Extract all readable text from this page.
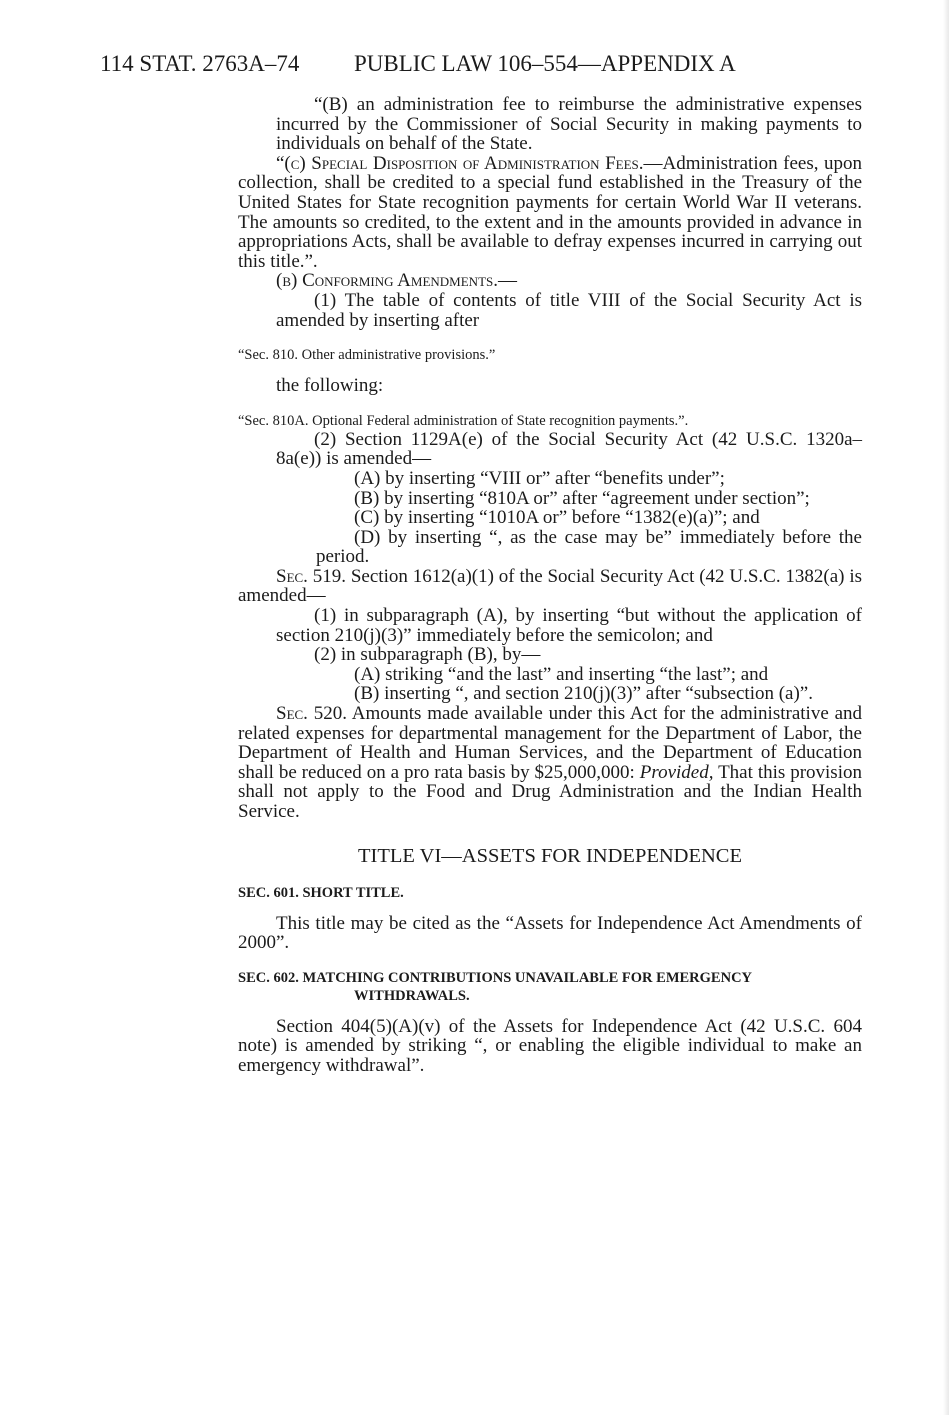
114 STAT. 2763A–74 PUBLIC LAW 106–554—APPENDIX A

“(B) an administration fee to reimburse the administrative expenses incurred by the Commissioner of Social Security in making payments to individuals on behalf of the State.

“(c) Special Disposition of Administration Fees.—Administration fees, upon collection, shall be credited to a special fund established in the Treasury of the United States for State recognition payments for certain World War II veterans. The amounts so credited, to the extent and in the amounts provided in advance in appropriations Acts, shall be available to defray expenses incurred in carrying out this title.”.

(b) Conforming Amendments.—

(1) The table of contents of title VIII of the Social Security Act is amended by inserting after

“Sec. 810. Other administrative provisions.”

the following:

“Sec. 810A. Optional Federal administration of State recognition payments.”.

(2) Section 1129A(e) of the Social Security Act (42 U.S.C. 1320a–8a(e)) is amended—

(A) by inserting “VIII or” after “benefits under”;

(B) by inserting “810A or” after “agreement under section”;

(C) by inserting “1010A or” before “1382(e)(a)”; and

(D) by inserting “, as the case may be” immediately before the period.

Sec. 519. Section 1612(a)(1) of the Social Security Act (42 U.S.C. 1382(a) is amended—

(1) in subparagraph (A), by inserting “but without the application of section 210(j)(3)” immediately before the semicolon; and

(2) in subparagraph (B), by—

(A) striking “and the last” and inserting “the last”; and

(B) inserting “, and section 210(j)(3)” after “subsection (a)”.

Sec. 520. Amounts made available under this Act for the administrative and related expenses for departmental management for the Department of Labor, the Department of Health and Human Services, and the Department of Education shall be reduced on a pro rata basis by $25,000,000: Provided, That this provision shall not apply to the Food and Drug Administration and the Indian Health Service.

TITLE VI—ASSETS FOR INDEPENDENCE

SEC. 601. SHORT TITLE.

This title may be cited as the “Assets for Independence Act Amendments of 2000”.

SEC. 602. MATCHING CONTRIBUTIONS UNAVAILABLE FOR EMERGENCY WITHDRAWALS.

Section 404(5)(A)(v) of the Assets for Independence Act (42 U.S.C. 604 note) is amended by striking “, or enabling the eligible individual to make an emergency withdrawal”.
